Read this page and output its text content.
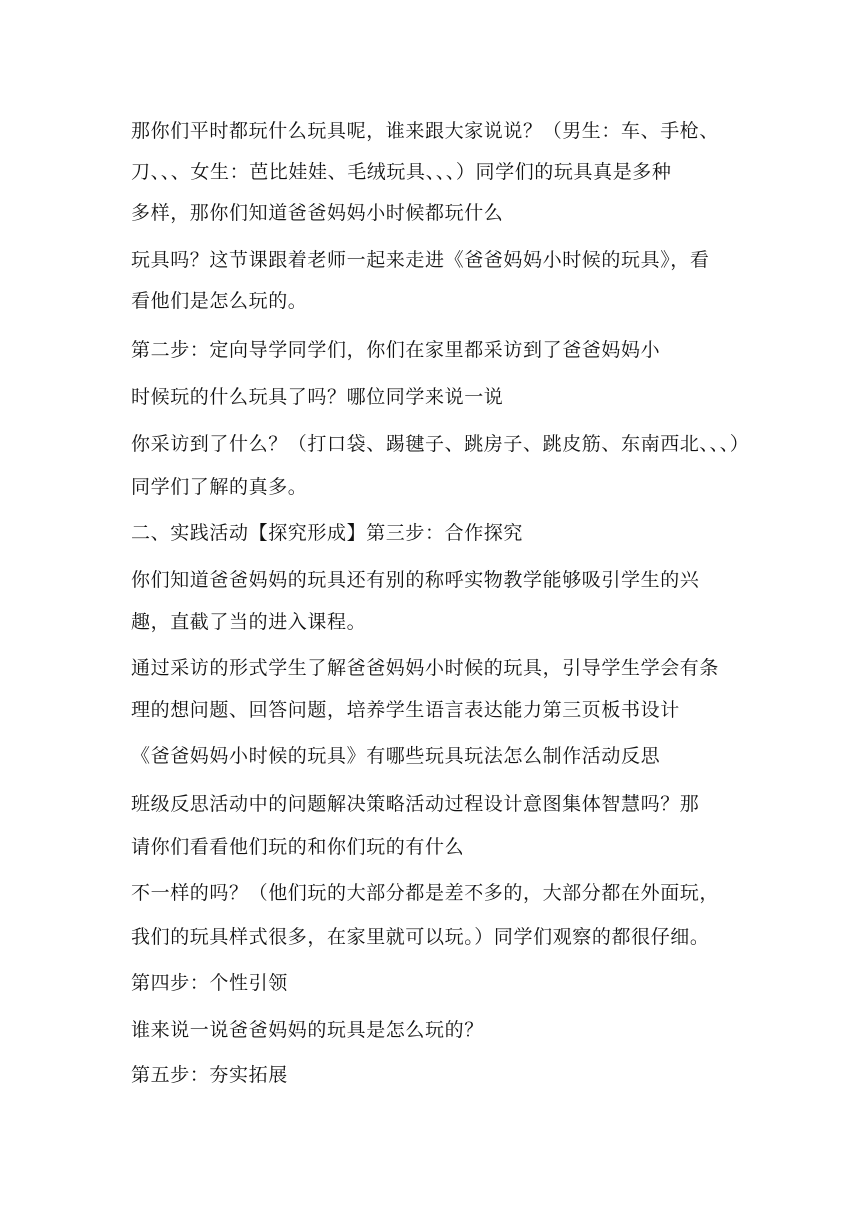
那你们平时都玩什么玩具呢，谁来跟大家说说？（男生：车、手枪、
刀、、、女生：芭比娃娃、毛绒玩具、、、）同学们的玩具真是多种
多样，那你们知道爸爸妈妈小时候都玩什么
玩具吗？这节课跟着老师一起来走进《爸爸妈妈小时候的玩具》，看
看他们是怎么玩的。
第二步：定向导学同学们，你们在家里都采访到了爸爸妈妈小
时候玩的什么玩具了吗？哪位同学来说一说
你采访到了什么？（打口袋、踢毽子、跳房子、跳皮筋、东南西北、、、）
同学们了解的真多。
二、实践活动【探究形成】第三步：合作探究
你们知道爸爸妈妈的玩具还有别的称呼实物教学能够吸引学生的兴
趣，直截了当的进入课程。
通过采访的形式学生了解爸爸妈妈小时候的玩具，引导学生学会有条
理的想问题、回答问题，培养学生语言表达能力第三页板书设计
《爸爸妈妈小时候的玩具》有哪些玩具玩法怎么制作活动反思
班级反思活动中的问题解决策略活动过程设计意图集体智慧吗？那
请你们看看他们玩的和你们玩的有什么
不一样的吗？（他们玩的大部分都是差不多的，大部分都在外面玩，
我们的玩具样式很多，在家里就可以玩。）同学们观察的都很仔细。
第四步：个性引领
谁来说一说爸爸妈妈的玩具是怎么玩的？
第五步：夯实拓展
